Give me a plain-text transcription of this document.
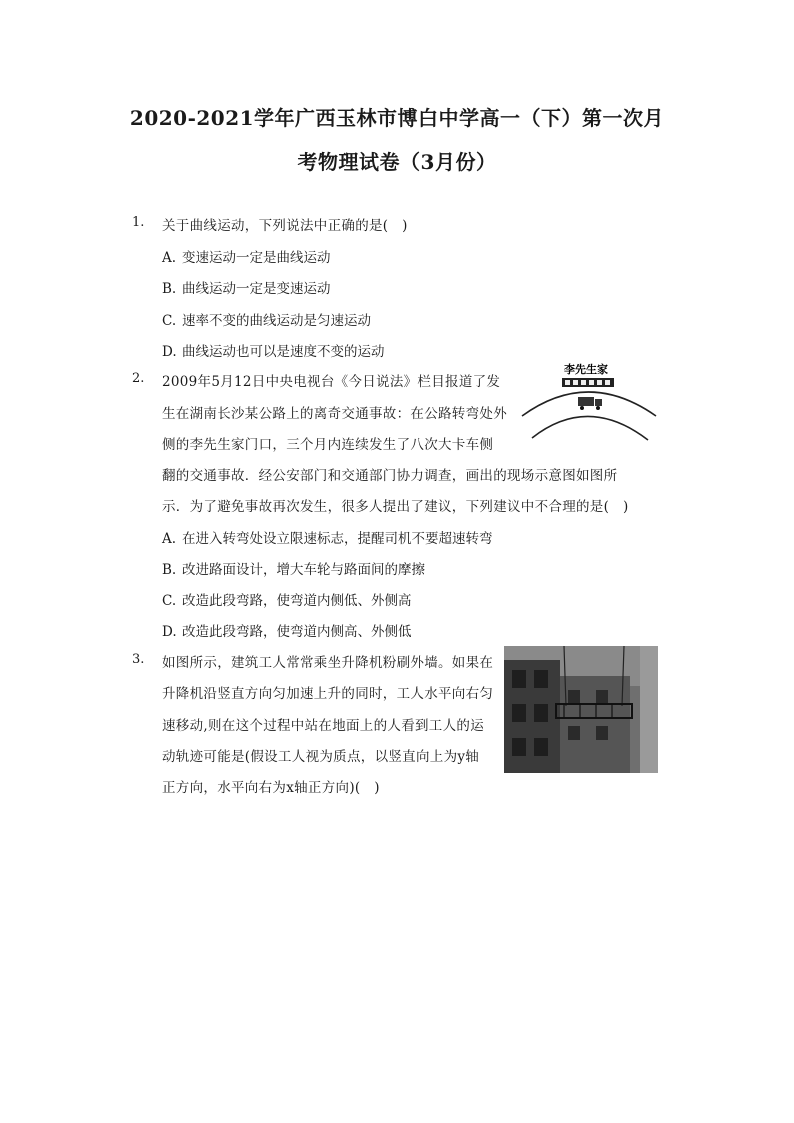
2020-2021学年广西玉林市博白中学高一（下）第一次月
考物理试卷（3月份）
1. 关于曲线运动，下列说法中正确的是(　)
A. 变速运动一定是曲线运动
B. 曲线运动一定是变速运动
C. 速率不变的曲线运动是匀速运动
D. 曲线运动也可以是速度不变的运动
2. 2009年5月12日中央电视台《今日说法》栏目报道了发
生在湖南长沙某公路上的离奇交通事故：在公路转弯处外
侧的李先生家门口，三个月内连续发生了八次大卡车侧
翻的交通事故．经公安部门和交通部门协力调查，画出的现场示意图如图所
示．为了避免事故再次发生，很多人提出了建议，下列建议中不合理的是(　)
李先生家
A. 在进入转弯处设立限速标志，提醒司机不要超速转弯
B. 改进路面设计，增大车轮与路面间的摩擦
C. 改造此段弯路，使弯道内侧低、外侧高
D. 改造此段弯路，使弯道内侧高、外侧低
3. 如图所示，建筑工人常常乘坐升降机粉刷外墙。如果在
升降机沿竖直方向匀加速上升的同时，工人水平向右匀
速移动,则在这个过程中站在地面上的人看到工人的运
动轨迹可能是(假设工人视为质点，以竖直向上为y轴
正方向，水平向右为x轴正方向)(　)
